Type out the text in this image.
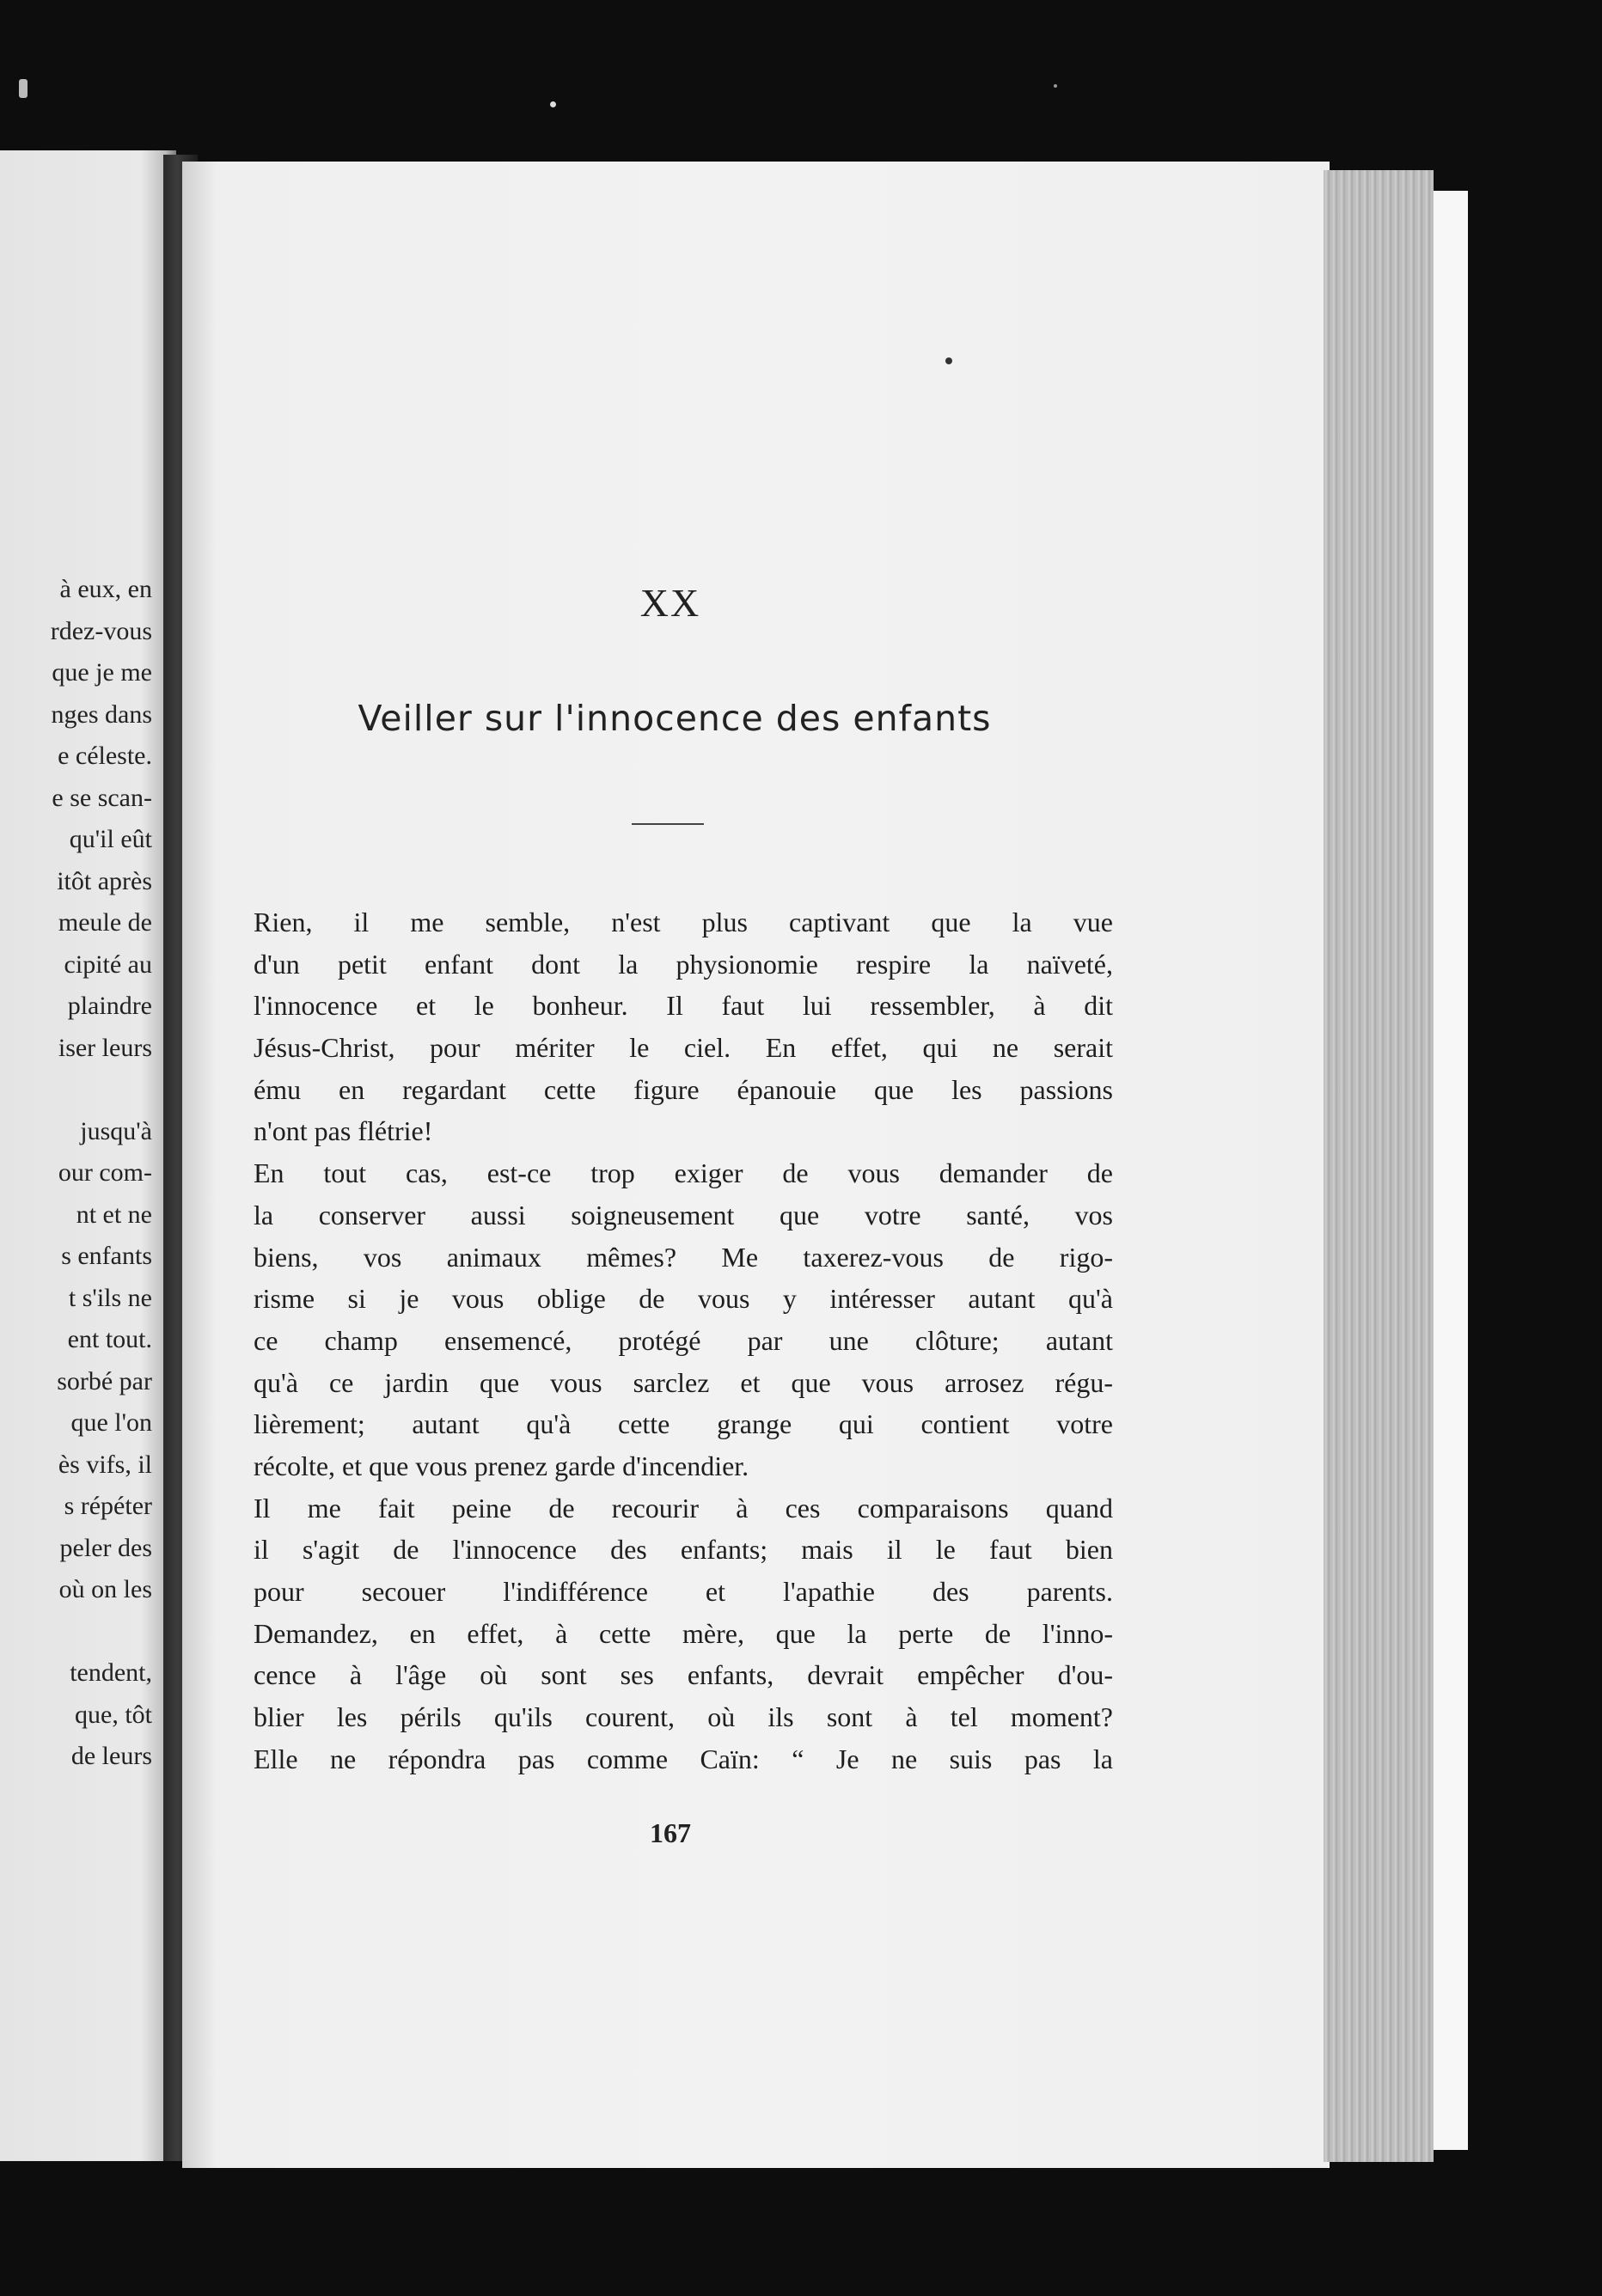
à eux, en
rdez-vous
que je me
nges dans
e céleste.
e se scan-
qu'il eût
itôt après
meule de
cipité au
plaindre
iser leurs
jusqu'à
our com-
nt et ne
s enfants
t s'ils ne
ent tout.
sorbé par
que l'on
ès vifs, il
s répéter
peler des
où on les
tendent,
que, tôt
de leurs
XX
Veiller sur l'innocence des enfants
Rien, il me semble, n'est plus captivant que la vue
d'un petit enfant dont la physionomie respire la naïveté,
l'innocence et le bonheur. Il faut lui ressembler, à dit
Jésus-Christ, pour mériter le ciel. En effet, qui ne serait
ému en regardant cette figure épanouie que les passions
n'ont pas flétrie!
En tout cas, est-ce trop exiger de vous demander de
la conserver aussi soigneusement que votre santé, vos
biens, vos animaux mêmes? Me taxerez-vous de rigo-
risme si je vous oblige de vous y intéresser autant qu'à
ce champ ensemencé, protégé par une clôture; autant
qu'à ce jardin que vous sarclez et que vous arrosez régu-
lièrement; autant qu'à cette grange qui contient votre
récolte, et que vous prenez garde d'incendier.
Il me fait peine de recourir à ces comparaisons quand
il s'agit de l'innocence des enfants; mais il le faut bien
pour secouer l'indifférence et l'apathie des parents.
Demandez, en effet, à cette mère, que la perte de l'inno-
cence à l'âge où sont ses enfants, devrait empêcher d'ou-
blier les périls qu'ils courent, où ils sont à tel moment?
Elle ne répondra pas comme Caïn: “ Je ne suis pas la
167
